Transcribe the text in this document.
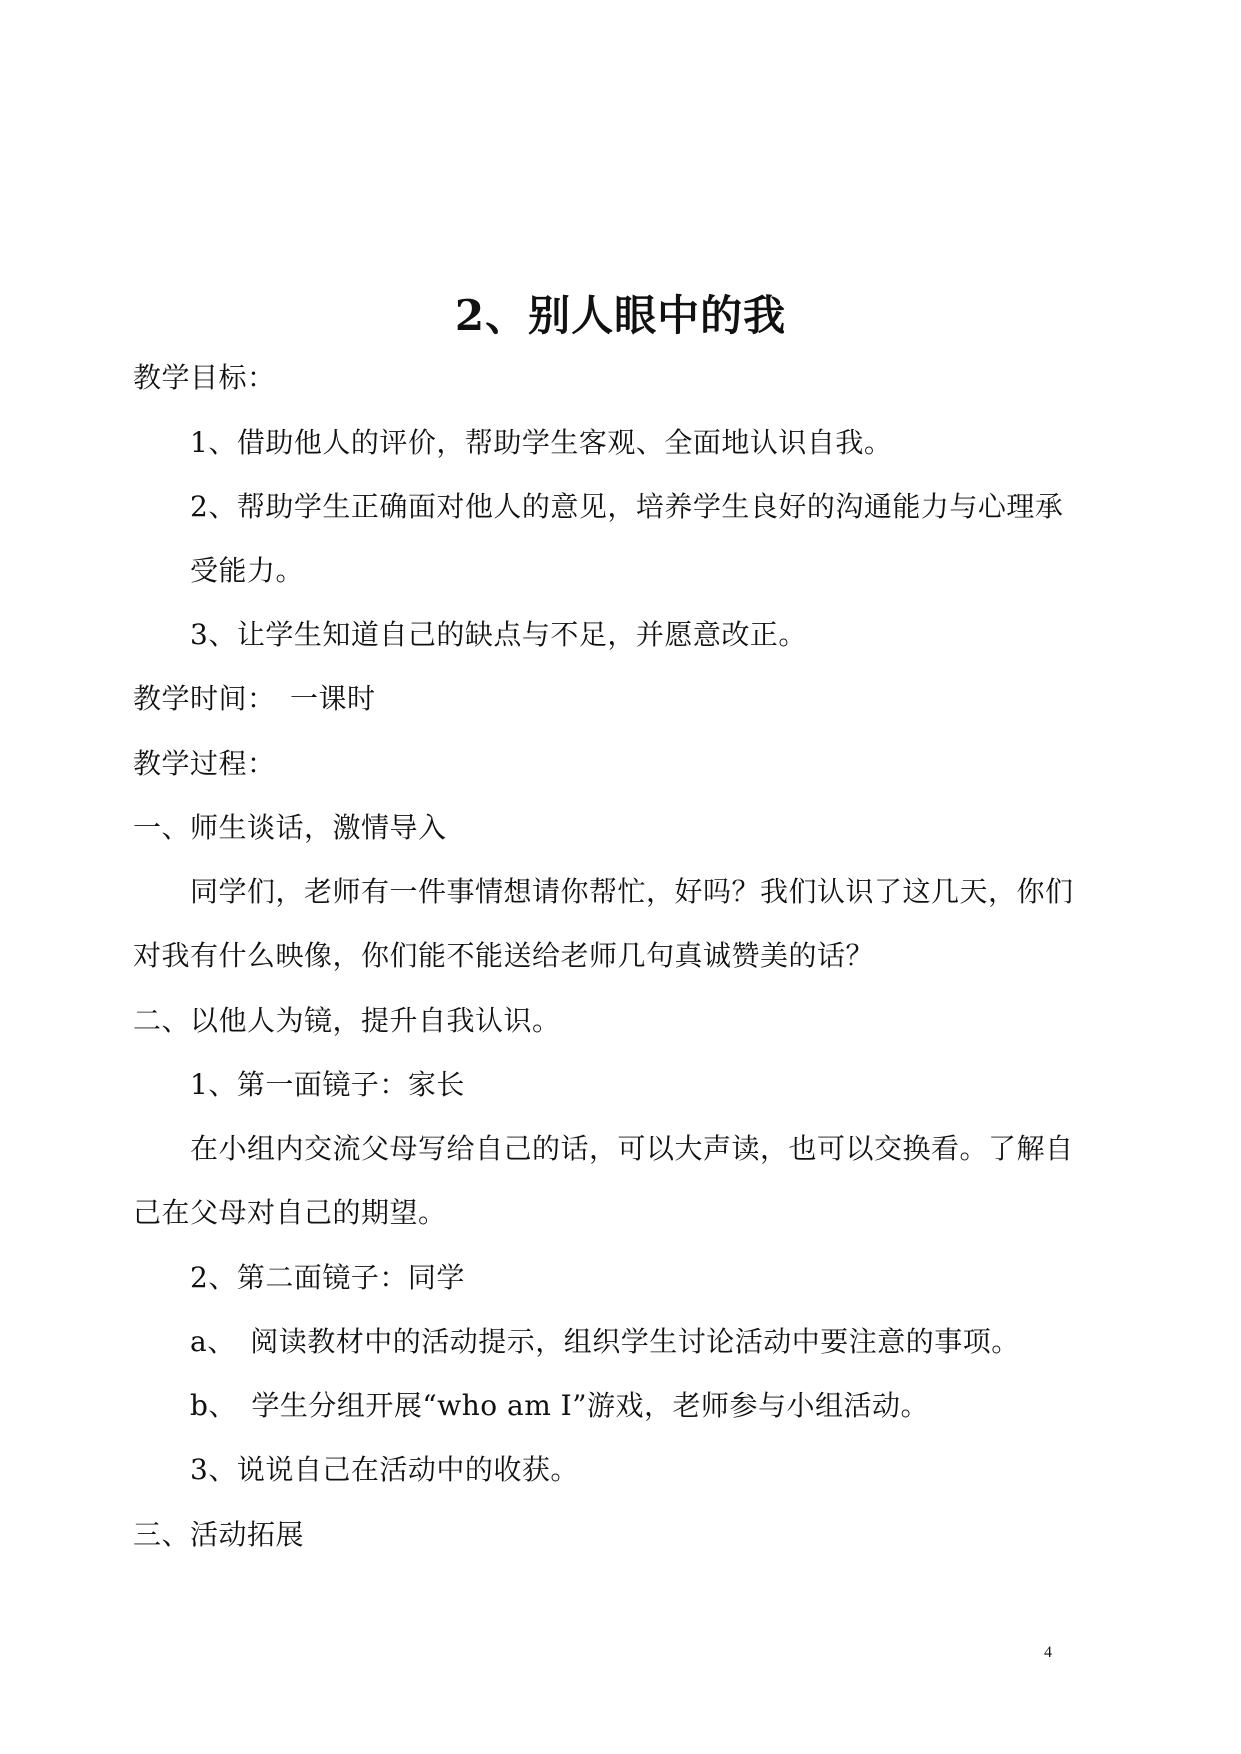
2、别人眼中的我
教学目标：
1、借助他人的评价，帮助学生客观、全面地认识自我。
2、帮助学生正确面对他人的意见，培养学生良好的沟通能力与心理承
受能力。
3、让学生知道自己的缺点与不足，并愿意改正。
教学时间：　一课时
教学过程：
一、师生谈话，激情导入
同学们，老师有一件事情想请你帮忙，好吗？我们认识了这几天，你们
对我有什么映像，你们能不能送给老师几句真诚赞美的话？
二、以他人为镜，提升自我认识。
1、第一面镜子：家长
在小组内交流父母写给自己的话，可以大声读，也可以交换看。了解自
己在父母对自己的期望。
2、第二面镜子：同学
a、　阅读教材中的活动提示，组织学生讨论活动中要注意的事项。
b、　学生分组开展“who am I”游戏，老师参与小组活动。
3、说说自己在活动中的收获。
三、活动拓展
4
